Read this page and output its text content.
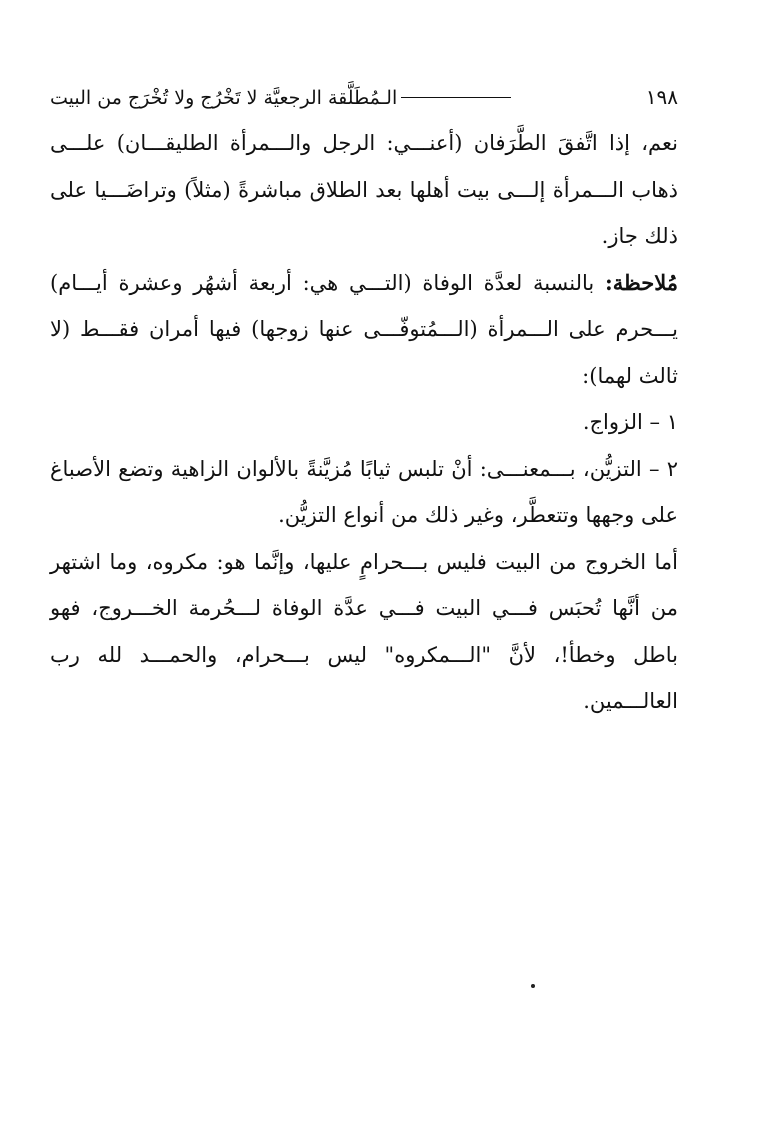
١٩٨
الـمُطَلَّقة الرجعيَّة لا تَخْرُج ولا تُخْرَج من البيت

نعم، إذا اتَّفقَ الطَّرَفان (أعنـــي: الرجل والـــمرأة الطليقـــان) علـــى ذهاب الـــمرأة إلـــى بيت أهلها بعد الطلاق مباشرةً (مثلاً) وتراضَـــيا على ذلك جاز.

مُلاحظة: بالنسبة لعدَّة الوفاة (التـــي هي: أربعة أشهُر وعشرة أيـــام) يـــحرم على الـــمرأة (الـــمُتوفّـــى عنها زوجها) فيها أمران فقـــط (لا ثالث لهما):

١ – الزواج.

٢ – التزيُّن، بـــمعنـــى: أنْ تلبس ثيابًا مُزيَّنةً بالألوان الزاهية وتضع الأصباغ على وجهها وتتعطَّر، وغير ذلك من أنواع التزيُّن.

أما الخروج من البيت فليس بـــحرامٍ عليها، وإنَّما هو: مكروه، وما اشتهر من أنَّها تُحبَس فـــي البيت فـــي عدَّة الوفاة لـــحُرمة الخـــروج، فهو باطل وخطأ!، لأنَّ "الـــمكروه" ليس بـــحرام، والحمـــد لله رب العالـــمين.
